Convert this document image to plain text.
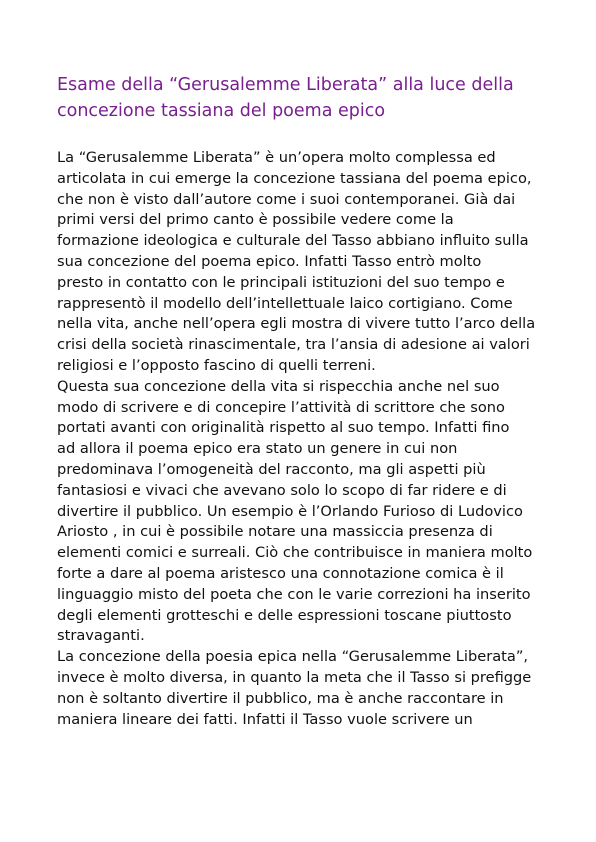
Esame della “Gerusalemme Liberata” alla luce della
concezione tassiana del poema epico
La “Gerusalemme Liberata” è un’opera molto complessa ed
articolata in cui emerge la concezione tassiana del poema epico,
che non è visto dall’autore come i suoi contemporanei. Già dai
primi versi del primo canto è possibile vedere come la
formazione ideologica e culturale del Tasso abbiano influito sulla
sua concezione del poema epico. Infatti Tasso entrò molto
presto in contatto con le principali istituzioni del suo tempo e
rappresentò il modello dell’intellettuale laico cortigiano. Come
nella vita, anche nell’opera egli mostra di vivere tutto l’arco della
crisi della società rinascimentale, tra l’ansia di adesione ai valori
religiosi e l’opposto fascino di quelli terreni.
Questa sua concezione della vita si rispecchia anche nel suo
modo di scrivere e di concepire l’attività di scrittore che sono
portati avanti con originalità rispetto al suo tempo. Infatti fino
ad allora il poema epico era stato un genere in cui non
predominava l’omogeneità del racconto, ma gli aspetti più
fantasiosi e vivaci che avevano solo lo scopo di far ridere e di
divertire il pubblico. Un esempio è l’Orlando Furioso di Ludovico
Ariosto , in cui è possibile notare una massiccia presenza di
elementi comici e surreali. Ciò che contribuisce in maniera molto
forte a dare al poema aristesco una connotazione comica è il
linguaggio misto del poeta che con le varie correzioni ha inserito
degli elementi grotteschi e delle espressioni toscane piuttosto
stravaganti.
La concezione della poesia epica nella “Gerusalemme Liberata”,
invece è molto diversa, in quanto la meta che il Tasso si prefigge
non è soltanto divertire il pubblico, ma è anche raccontare in
maniera lineare dei fatti. Infatti il Tasso vuole scrivere un
